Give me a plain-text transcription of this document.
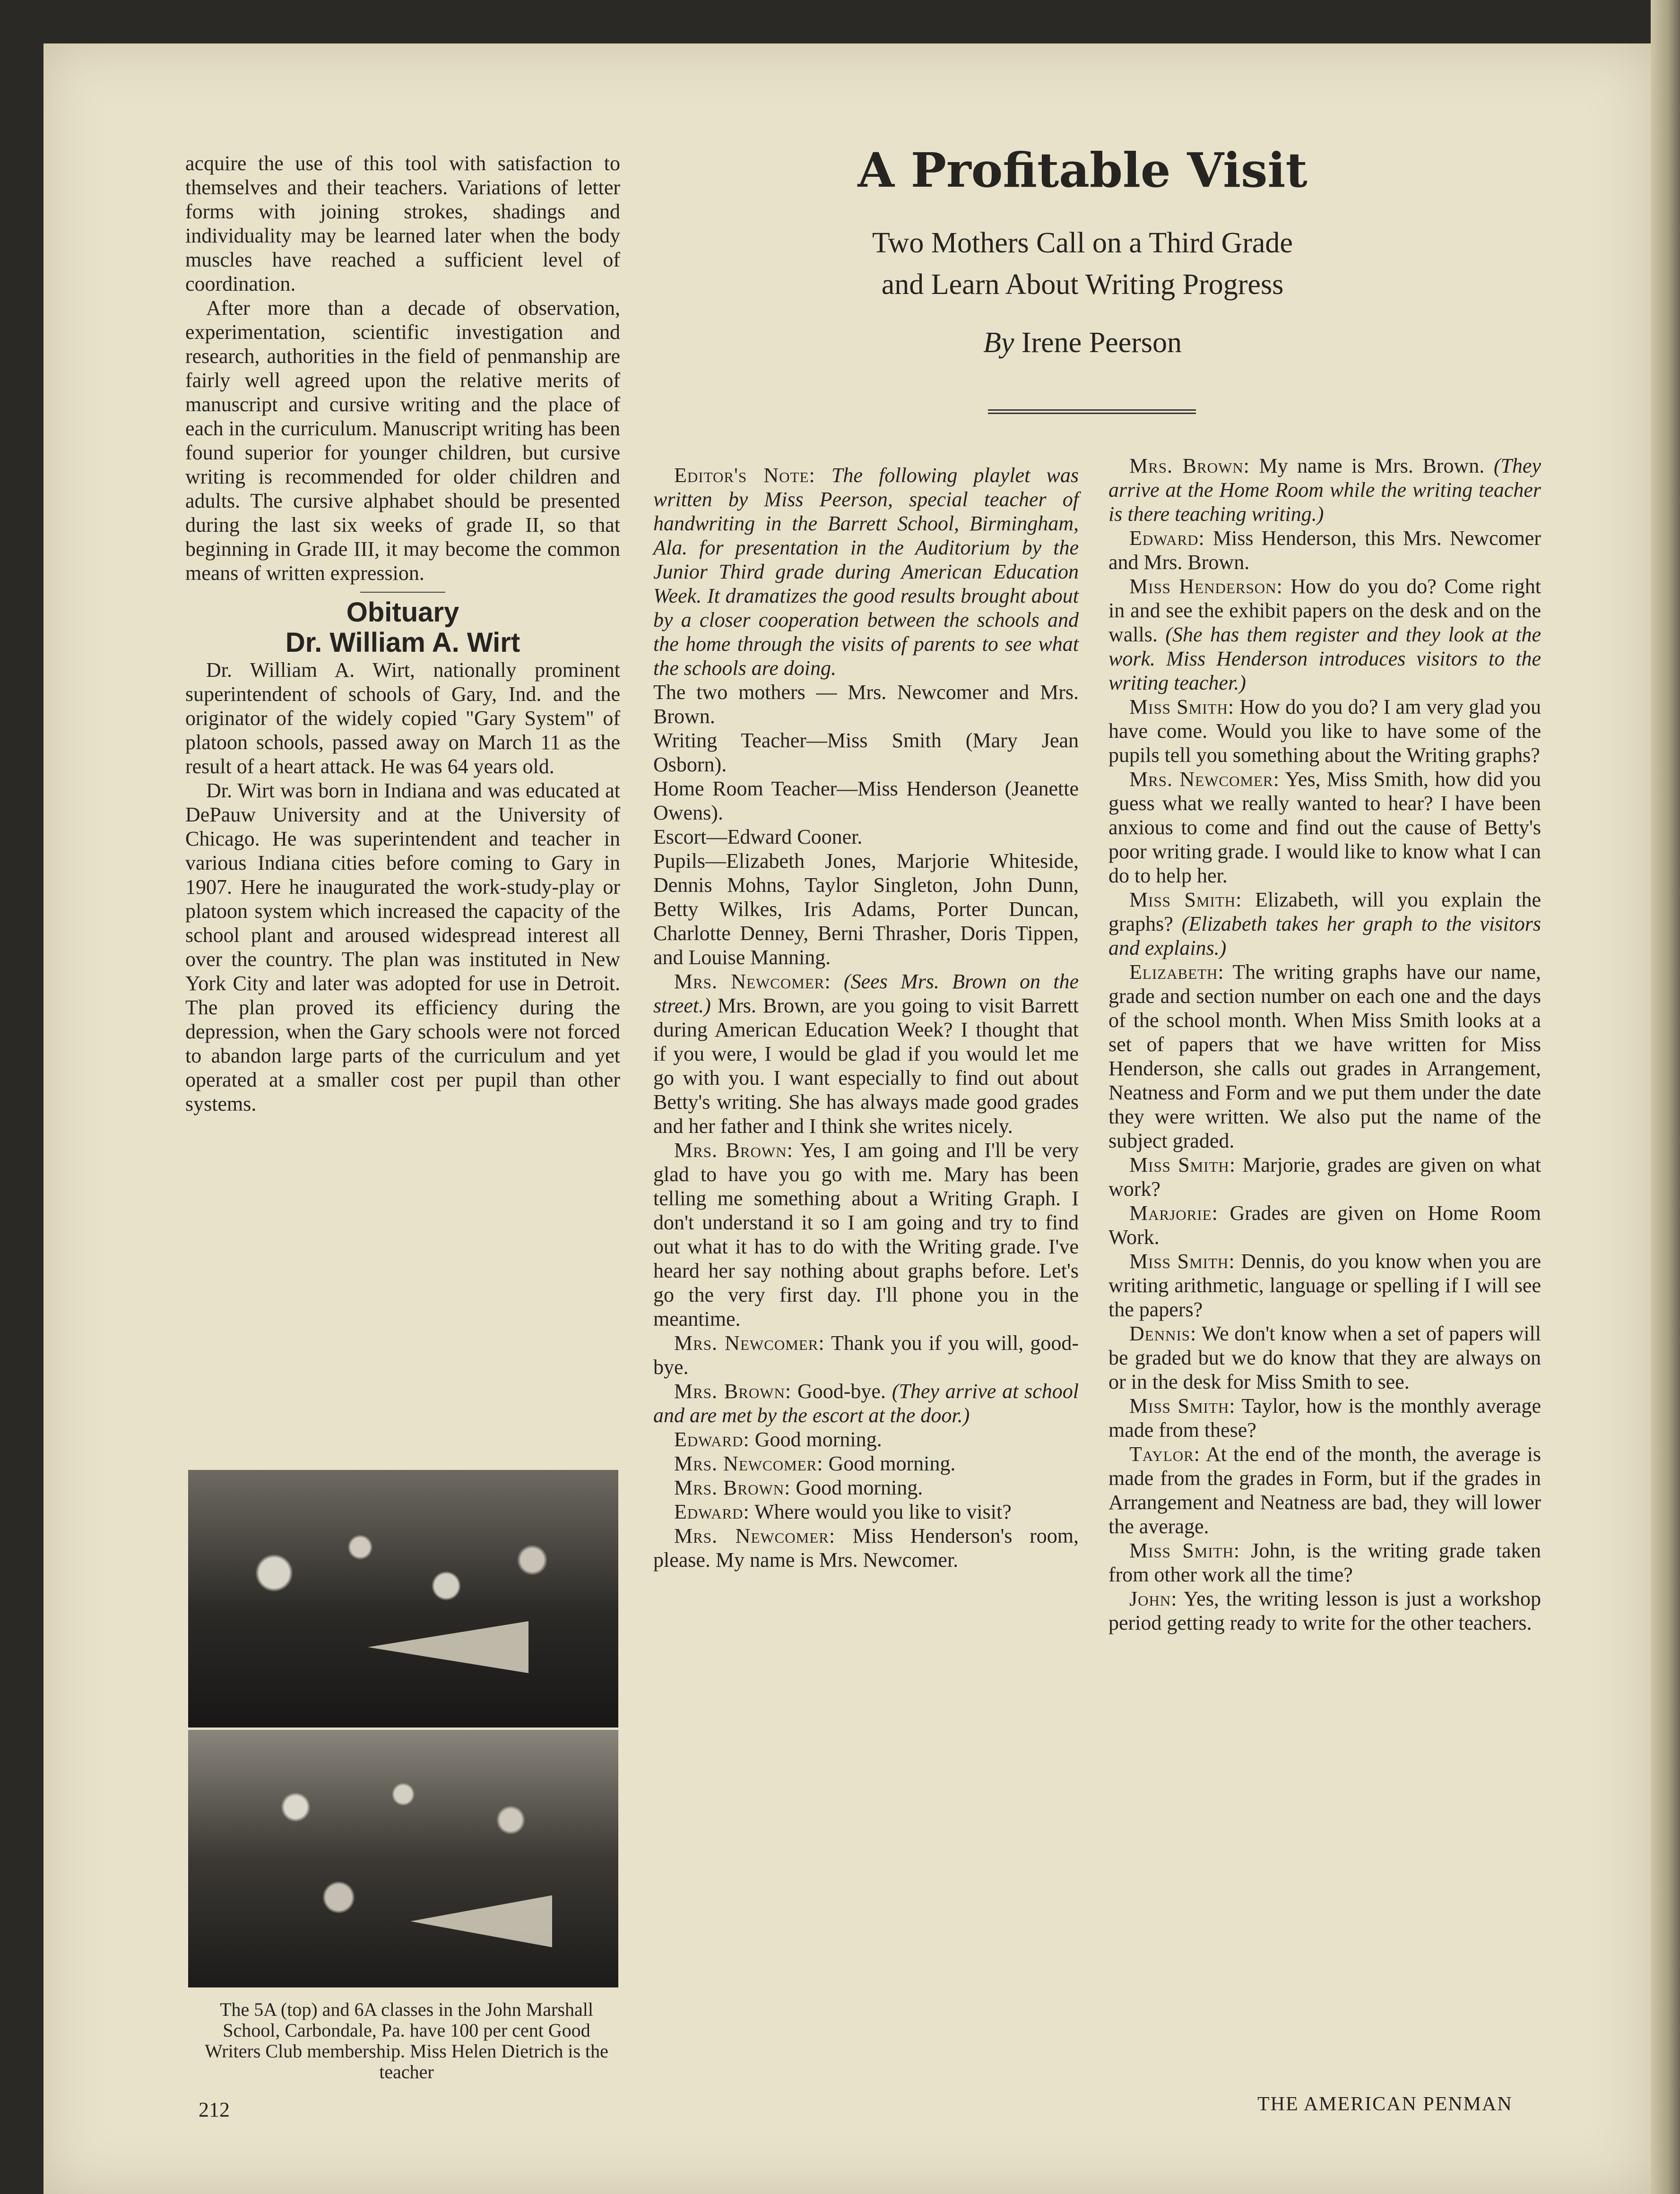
acquire the use of this tool with satisfaction to themselves and their teachers. Variations of letter forms with joining strokes, shadings and individuality may be learned later when the body muscles have reached a sufficient level of coordination.

After more than a decade of observation, experimentation, scientific investigation and research, authorities in the field of penmanship are fairly well agreed upon the relative merits of manuscript and cursive writing and the place of each in the curriculum. Manuscript writing has been found superior for younger children, but cursive writing is recommended for older children and adults. The cursive alphabet should be presented during the last six weeks of grade II, so that beginning in Grade III, it may become the common means of written expression.

Obituary

Dr. William A. Wirt

Dr. William A. Wirt, nationally prominent superintendent of schools of Gary, Ind. and the originator of the widely copied "Gary System" of platoon schools, passed away on March 11 as the result of a heart attack. He was 64 years old.

Dr. Wirt was born in Indiana and was educated at DePauw University and at the University of Chicago. He was superintendent and teacher in various Indiana cities before coming to Gary in 1907. Here he inaugurated the work-study-play or platoon system which increased the capacity of the school plant and aroused widespread interest all over the country. The plan was instituted in New York City and later was adopted for use in Detroit. The plan proved its efficiency during the depression, when the Gary schools were not forced to abandon large parts of the curriculum and yet operated at a smaller cost per pupil than other systems.

The 5A (top) and 6A classes in the John Marshall School, Carbondale, Pa. have 100 per cent Good Writers Club membership. Miss Helen Dietrich is the teacher
A Profitable Visit
Two Mothers Call on a Third Grade
and Learn About Writing Progress
By Irene Peerson

Editor's Note: The following playlet was written by Miss Peerson, special teacher of handwriting in the Barrett School, Birmingham, Ala. for presentation in the Auditorium by the Junior Third grade during American Education Week. It dramatizes the good results brought about by a closer cooperation between the schools and the home through the visits of parents to see what the schools are doing.

The two mothers — Mrs. Newcomer and Mrs. Brown.

Writing Teacher—Miss Smith (Mary Jean Osborn).

Home Room Teacher—Miss Henderson (Jeanette Owens).

Escort—Edward Cooner.

Pupils—Elizabeth Jones, Marjorie Whiteside, Dennis Mohns, Taylor Singleton, John Dunn, Betty Wilkes, Iris Adams, Porter Duncan, Charlotte Denney, Berni Thrasher, Doris Tippen, and Louise Manning.

Mrs. Newcomer: (Sees Mrs. Brown on the street.) Mrs. Brown, are you going to visit Barrett during American Education Week? I thought that if you were, I would be glad if you would let me go with you. I want especially to find out about Betty's writing. She has always made good grades and her father and I think she writes nicely.

Mrs. Brown: Yes, I am going and I'll be very glad to have you go with me. Mary has been telling me something about a Writing Graph. I don't understand it so I am going and try to find out what it has to do with the Writing grade. I've heard her say nothing about graphs before. Let's go the very first day. I'll phone you in the meantime.

Mrs. Newcomer: Thank you if you will, good-bye.

Mrs. Brown: Good-bye. (They arrive at school and are met by the escort at the door.)

Edward: Good morning.

Mrs. Newcomer: Good morning.

Mrs. Brown: Good morning.

Edward: Where would you like to visit?

Mrs. Newcomer: Miss Henderson's room, please. My name is Mrs. Newcomer.

Mrs. Brown: My name is Mrs. Brown. (They arrive at the Home Room while the writing teacher is there teaching writing.)

Edward: Miss Henderson, this Mrs. Newcomer and Mrs. Brown.

Miss Henderson: How do you do? Come right in and see the exhibit papers on the desk and on the walls. (She has them register and they look at the work. Miss Henderson introduces visitors to the writing teacher.)

Miss Smith: How do you do? I am very glad you have come. Would you like to have some of the pupils tell you something about the Writing graphs?

Mrs. Newcomer: Yes, Miss Smith, how did you guess what we really wanted to hear? I have been anxious to come and find out the cause of Betty's poor writing grade. I would like to know what I can do to help her.

Miss Smith: Elizabeth, will you explain the graphs? (Elizabeth takes her graph to the visitors and explains.)

Elizabeth: The writing graphs have our name, grade and section number on each one and the days of the school month. When Miss Smith looks at a set of papers that we have written for Miss Henderson, she calls out grades in Arrangement, Neatness and Form and we put them under the date they were written. We also put the name of the subject graded.

Miss Smith: Marjorie, grades are given on what work?

Marjorie: Grades are given on Home Room Work.

Miss Smith: Dennis, do you know when you are writing arithmetic, language or spelling if I will see the papers?

Dennis: We don't know when a set of papers will be graded but we do know that they are always on or in the desk for Miss Smith to see.

Miss Smith: Taylor, how is the monthly average made from these?

Taylor: At the end of the month, the average is made from the grades in Form, but if the grades in Arrangement and Neatness are bad, they will lower the average.

Miss Smith: John, is the writing grade taken from other work all the time?

John: Yes, the writing lesson is just a workshop period getting ready to write for the other teachers.

212	THE AMERICAN PENMAN
